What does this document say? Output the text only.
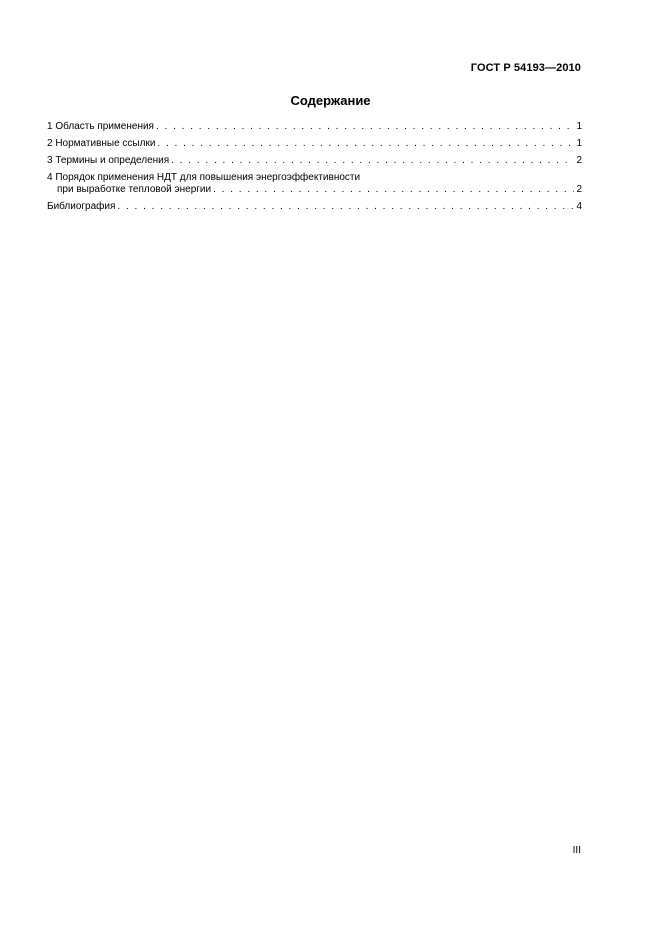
ГОСТ Р 54193—2010
Содержание
1 Область применения . . .	1
2 Нормативные ссылки . . .	1
3 Термины и определения . . .	2
4 Порядок применения НДТ для повышения энергоэффективности
при выработке тепловой энергии . . .	2
Библиография . . .	4
III
